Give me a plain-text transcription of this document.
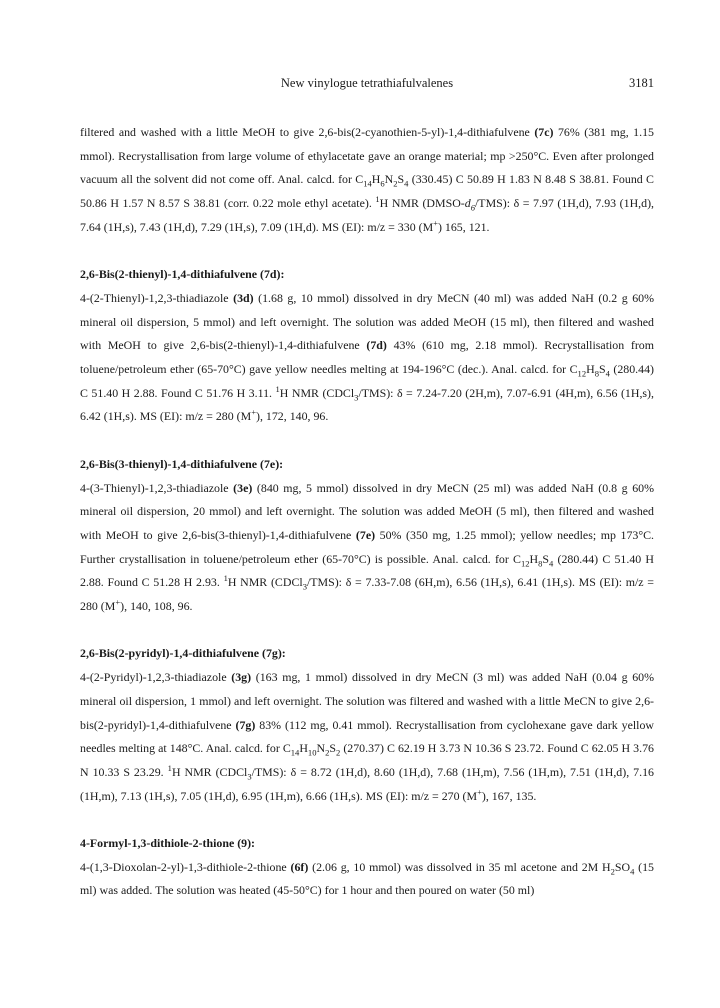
New vinylogue tetrathiafulvalenes	3181

filtered and washed with a little MeOH to give 2,6-bis(2-cyanothien-5-yl)-1,4-dithiafulvene (7c) 76% (381 mg, 1.15 mmol). Recrystallisation from large volume of ethylacetate gave an orange material; mp >250°C. Even after prolonged vacuum all the solvent did not come off. Anal. calcd. for $C_{14}H_6N_2S_4$ (330.45) C 50.89 H 1.83 N 8.48 S 38.81. Found C 50.86 H 1.57 N 8.57 S 38.81 (corr. 0.22 mole ethyl acetate). $^1$H NMR $(DMSO-d_6/TMS)$: δ = 7.97 (1H,d), 7.93 (1H,d), 7.64 (1H,s), 7.43 (1H,d), 7.29 (1H,s), 7.09 (1H,d). MS (EI): m/z = 330 (M+) 165, 121.

2,6-Bis(2-thienyl)-1,4-dithiafulvene (7d):

4-(2-Thienyl)-1,2,3-thiadiazole (3d) (1.68 g, 10 mmol) dissolved in dry MeCN (40 ml) was added NaH (0.2 g 60% mineral oil dispersion, 5 mmol) and left overnight. The solution was added MeOH (15 ml), then filtered and washed with MeOH to give 2,6-bis(2-thienyl)-1,4-dithiafulvene (7d) 43% (610 mg, 2.18 mmol). Recrystallisation from toluene/petroleum ether (65-70°C) gave yellow needles melting at 194-196°C (dec.). Anal. calcd. for $C_{12}H_8S_4$ (280.44) C 51.40 H 2.88. Found C 51.76 H 3.11. $^1$H NMR (CDCl$_3$/TMS): δ = 7.24-7.20 (2H,m), 7.07-6.91 (4H,m), 6.56 (1H,s), 6.42 (1H,s). MS (EI): m/z = 280 (M+), 172, 140, 96.

2,6-Bis(3-thienyl)-1,4-dithiafulvene (7e):

4-(3-Thienyl)-1,2,3-thiadiazole (3e) (840 mg, 5 mmol) dissolved in dry MeCN (25 ml) was added NaH (0.8 g 60% mineral oil dispersion, 20 mmol) and left overnight. The solution was added MeOH (5 ml), then filtered and washed with MeOH to give 2,6-bis(3-thienyl)-1,4-dithiafulvene (7e) 50% (350 mg, 1.25 mmol); yellow needles; mp 173°C. Further crystallisation in toluene/petroleum ether (65-70°C) is possible. Anal. calcd. for $C_{12}H_8S_4$ (280.44) C 51.40 H 2.88. Found C 51.28 H 2.93. $^1$H NMR (CDCl$_3$/TMS): δ = 7.33-7.08 (6H,m), 6.56 (1H,s), 6.41 (1H,s). MS (EI): m/z = 280 (M+), 140, 108, 96.

2,6-Bis(2-pyridyl)-1,4-dithiafulvene (7g):

4-(2-Pyridyl)-1,2,3-thiadiazole (3g) (163 mg, 1 mmol) dissolved in dry MeCN (3 ml) was added NaH (0.04 g 60% mineral oil dispersion, 1 mmol) and left overnight. The solution was filtered and washed with a little MeCN to give 2,6-bis(2-pyridyl)-1,4-dithiafulvene (7g) 83% (112 mg, 0.41 mmol). Recrystallisation from cyclohexane gave dark yellow needles melting at 148°C. Anal. calcd. for $C_{14}H_{10}N_2S_2$ (270.37) C 62.19 H 3.73 N 10.36 S 23.72. Found C 62.05 H 3.76 N 10.33 S 23.29. $^1$H NMR (CDCl$_3$/TMS): δ = 8.72 (1H,d), 8.60 (1H,d), 7.68 (1H,m), 7.56 (1H,m), 7.51 (1H,d), 7.16 (1H,m), 7.13 (1H,s), 7.05 (1H,d), 6.95 (1H,m), 6.66 (1H,s). MS (EI): m/z = 270 (M+), 167, 135.

4-Formyl-1,3-dithiole-2-thione (9):

4-(1,3-Dioxolan-2-yl)-1,3-dithiole-2-thione (6f) (2.06 g, 10 mmol) was dissolved in 35 ml acetone and 2M $H_2SO_4$ (15 ml) was added. The solution was heated (45-50°C) for 1 hour and then poured on water (50 ml)
